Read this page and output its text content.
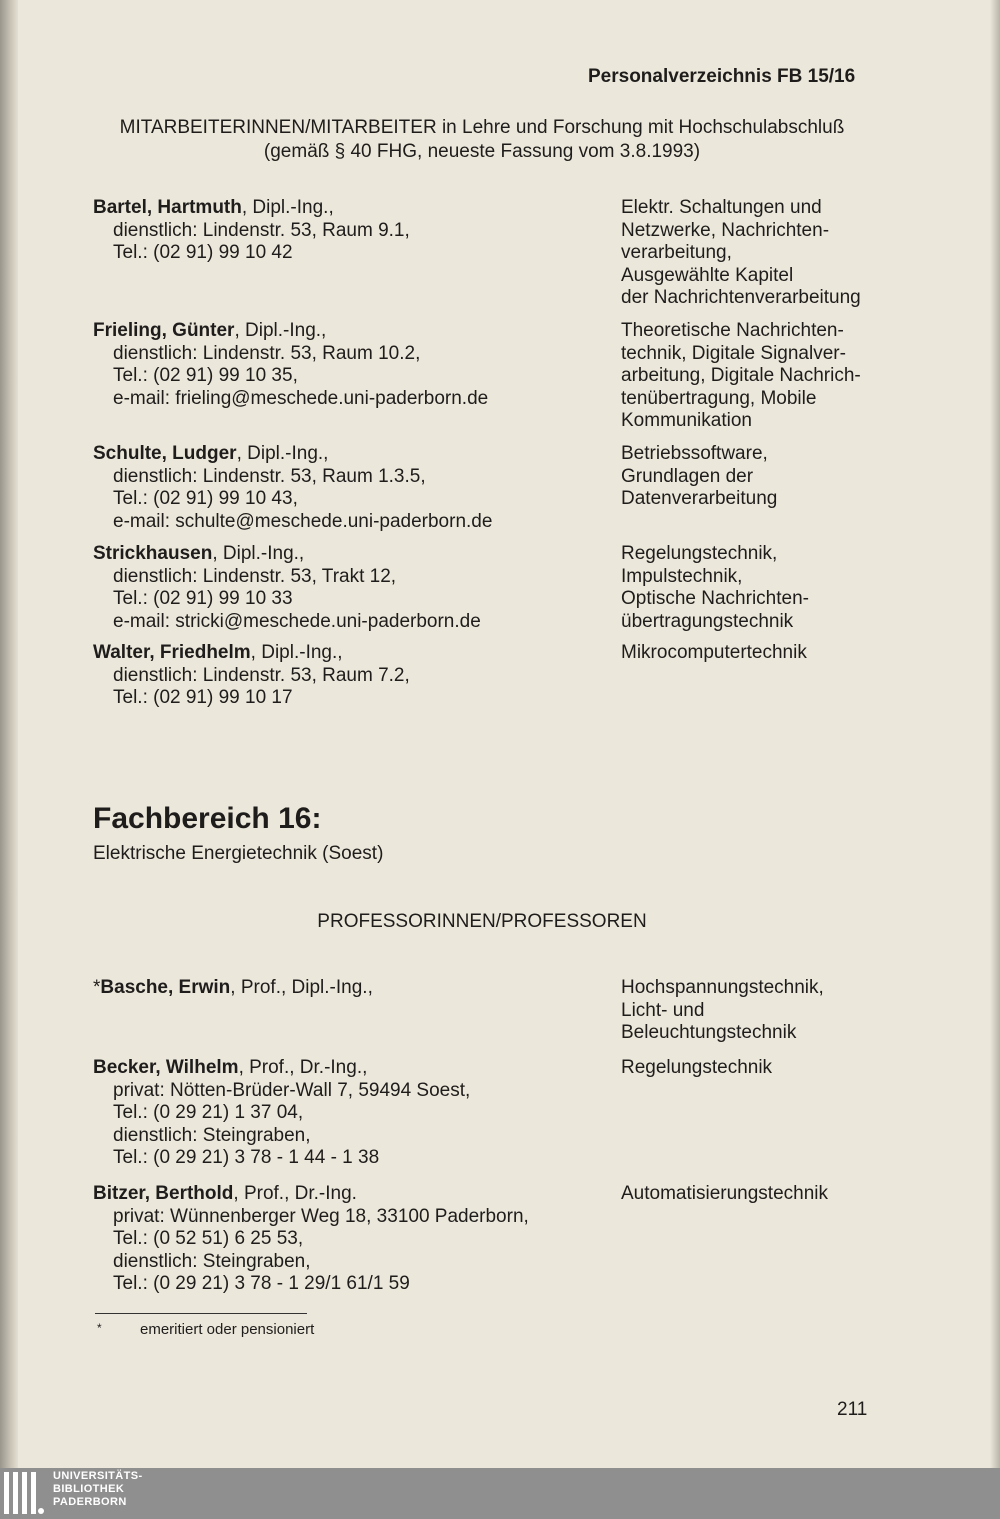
Personalverzeichnis FB 15/16
MITARBEITERINNEN/MITARBEITER in Lehre und Forschung mit Hochschulabschluß
(gemäß § 40 FHG, neueste Fassung vom 3.8.1993)
Bartel, Hartmuth, Dipl.-Ing.,
dienstlich: Lindenstr. 53, Raum 9.1,
Tel.: (02 91) 99 10 42
Elektr. Schaltungen und
Netzwerke, Nachrichten-
verarbeitung,
Ausgewählte Kapitel
der Nachrichtenverarbeitung
Frieling, Günter, Dipl.-Ing.,
dienstlich: Lindenstr. 53, Raum 10.2,
Tel.: (02 91) 99 10 35,
e-mail: frieling@meschede.uni-paderborn.de
Theoretische Nachrichten-
technik, Digitale Signalver-
arbeitung, Digitale Nachrich-
tenübertragung, Mobile
Kommunikation
Schulte, Ludger, Dipl.-Ing.,
dienstlich: Lindenstr. 53, Raum 1.3.5,
Tel.: (02 91) 99 10 43,
e-mail: schulte@meschede.uni-paderborn.de
Betriebssoftware,
Grundlagen der
Datenverarbeitung
Strickhausen, Dipl.-Ing.,
dienstlich: Lindenstr. 53, Trakt 12,
Tel.: (02 91) 99 10 33
e-mail: stricki@meschede.uni-paderborn.de
Regelungstechnik,
Impulstechnik,
Optische Nachrichten-
übertragungstechnik
Walter, Friedhelm, Dipl.-Ing.,
dienstlich: Lindenstr. 53, Raum 7.2,
Tel.: (02 91) 99 10 17
Mikrocomputertechnik
Fachbereich 16:
Elektrische Energietechnik (Soest)
PROFESSORINNEN/PROFESSOREN
*Basche, Erwin, Prof., Dipl.-Ing.,	Hochspannungstechnik,
Licht- und
Beleuchtungstechnik
Becker, Wilhelm, Prof., Dr.-Ing.,
privat: Nötten-Brüder-Wall 7, 59494 Soest,
Tel.: (0 29 21) 1 37 04,
dienstlich: Steingraben,
Tel.: (0 29 21) 3 78 - 1 44 - 1 38
Regelungstechnik
Bitzer, Berthold, Prof., Dr.-Ing.
privat: Wünnenberger Weg 18, 33100 Paderborn,
Tel.: (0 52 51) 6 25 53,
dienstlich: Steingraben,
Tel.: (0 29 21) 3 78 - 1 29/1 61/1 59
Automatisierungstechnik
*	emeritiert oder pensioniert
211
UNIVERSITÄTS-
BIBLIOTHEK
PADERBORN
